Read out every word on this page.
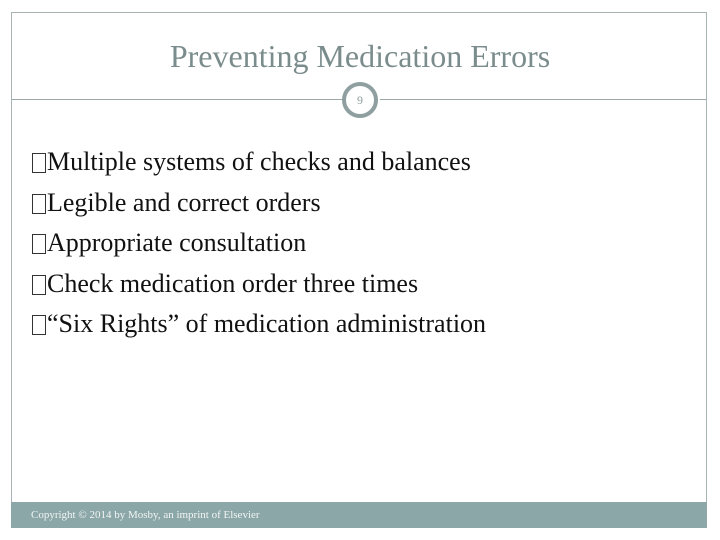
Preventing Medication Errors
9
Multiple systems of checks and balances
Legible and correct orders
Appropriate consultation
Check medication order three times
“Six Rights” of medication administration
Copyright © 2014 by Mosby, an imprint of Elsevier
